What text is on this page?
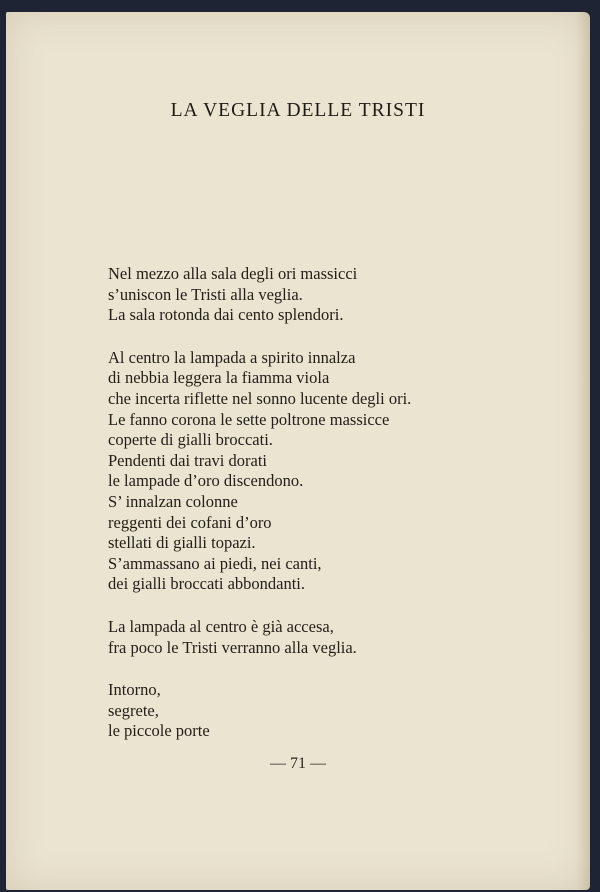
LA VEGLIA DELLE TRISTI
Nel mezzo alla sala degli ori massicci
s’uniscon le Tristi alla veglia.
La sala rotonda dai cento splendori.
Al centro la lampada a spirito innalza
di nebbia leggera la fiamma viola
che incerta riflette nel sonno lucente degli ori.
Le fanno corona le sette poltrone massicce
coperte di gialli broccati.
Pendenti dai travi dorati
le lampade d’oro discendono.
S’ innalzan colonne
reggenti dei cofani d’oro
stellati di gialli topazi.
S’ammassano ai piedi, nei canti,
dei gialli broccati abbondanti.
La lampada al centro è già accesa,
fra poco le Tristi verranno alla veglia.
Intorno,
segrete,
le piccole porte
— 71 —
